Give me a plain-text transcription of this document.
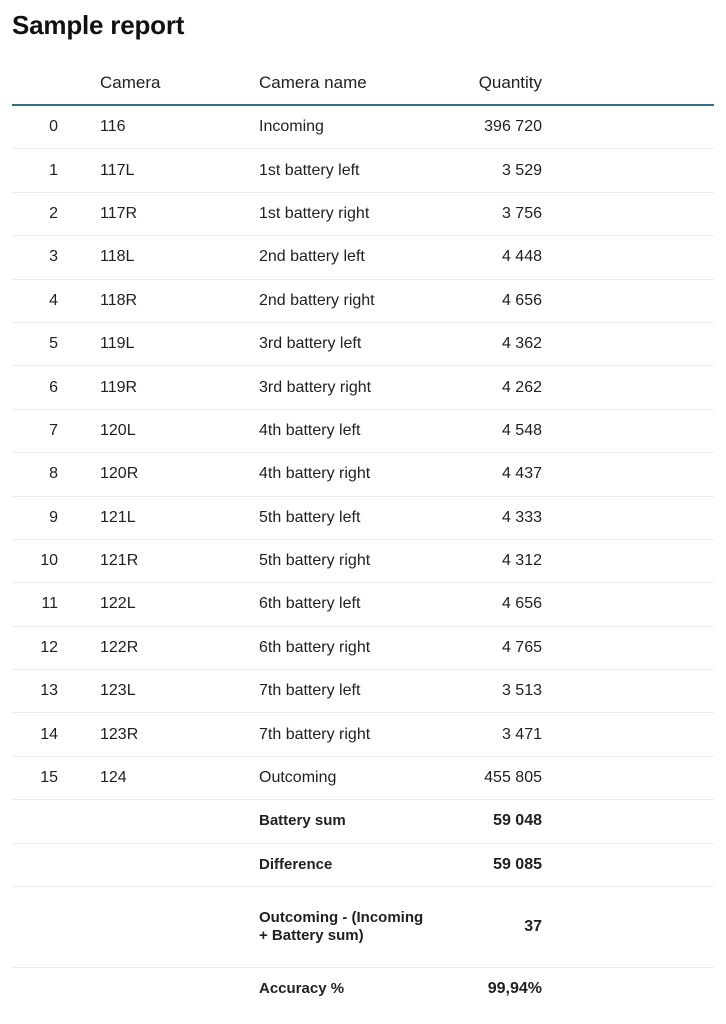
Sample report
	Camera	Camera name	Quantity	
0	116	Incoming	396 720	
1	117L	1st battery left	3 529	
2	117R	1st battery right	3 756	
3	118L	2nd battery left	4 448	
4	118R	2nd battery right	4 656	
5	119L	3rd battery left	4 362	
6	119R	3rd battery right	4 262	
7	120L	4th battery left	4 548	
8	120R	4th battery right	4 437	
9	121L	5th battery left	4 333	
10	121R	5th battery right	4 312	
11	122L	6th battery left	4 656	
12	122R	6th battery right	4 765	
13	123L	7th battery left	3 513	
14	123R	7th battery right	3 471	
15	124	Outcoming	455 805	
		Battery sum	59 048	
		Difference	59 085	
		Outcoming - (Incoming + Battery sum)	37	
		Accuracy %	99,94%	
